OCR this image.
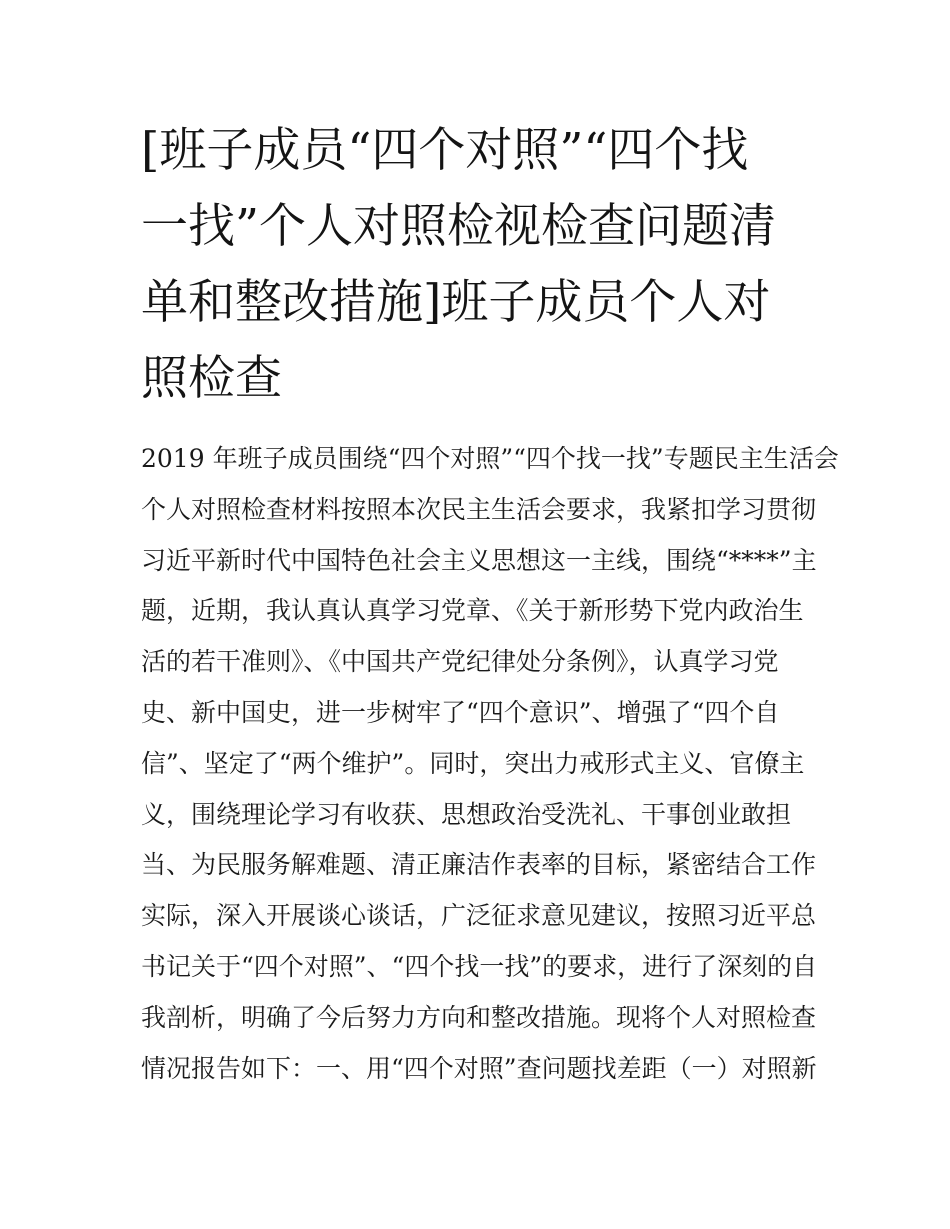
[班子成员“四个对照”“四个找
一找”个人对照检视检查问题清
单和整改措施]班子成员个人对
照检查
2019 年班子成员围绕“四个对照”“四个找一找”专题民主生活会
个人对照检查材料按照本次民主生活会要求，我紧扣学习贯彻
习近平新时代中国特色社会主义思想这一主线，围绕“****”主
题，近期，我认真认真学习党章、《关于新形势下党内政治生
活的若干准则》、《中国共产党纪律处分条例》，认真学习党
史、新中国史，进一步树牢了“四个意识”、增强了“四个自
信”、坚定了“两个维护”。同时，突出力戒形式主义、官僚主
义，围绕理论学习有收获、思想政治受洗礼、干事创业敢担
当、为民服务解难题、清正廉洁作表率的目标，紧密结合工作
实际，深入开展谈心谈话，广泛征求意见建议，按照习近平总
书记关于“四个对照”、“四个找一找”的要求，进行了深刻的自
我剖析，明确了今后努力方向和整改措施。现将个人对照检查
情况报告如下：一、用“四个对照”查问题找差距（一）对照新
